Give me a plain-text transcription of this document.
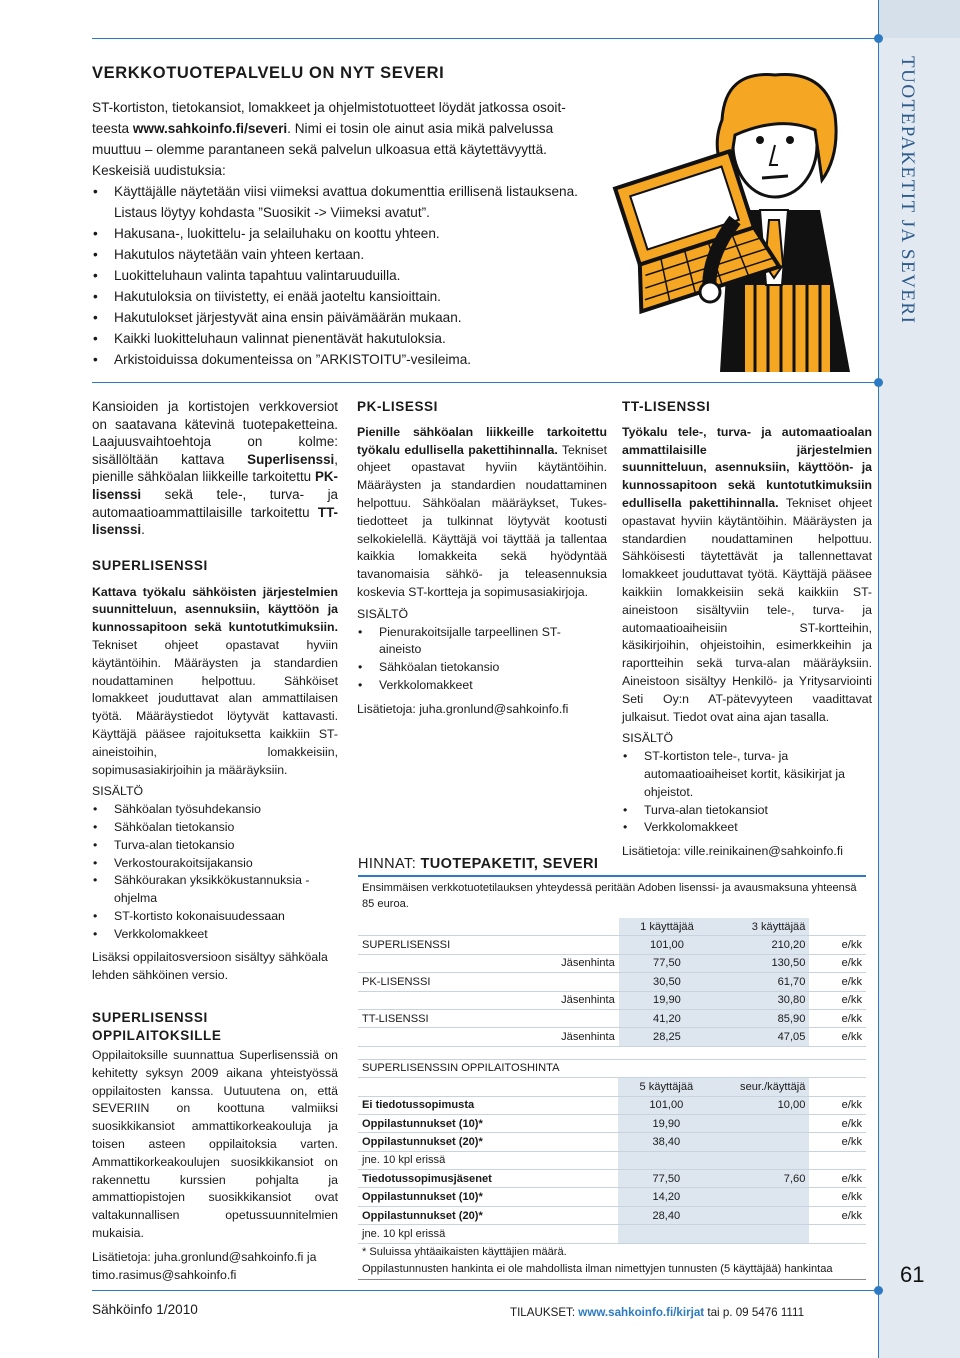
TUOTEPAKETIT JA SEVERI
61
VERKKOTUOTEPALVELU ON NYT SEVERI

ST-kortiston, tietokansiot, lomakkeet ja ohjelmistotuotteet löydät jatkossa osoit-
teesta www.sahkoinfo.fi/severi. Nimi ei tosin ole ainut asia mikä palvelussa
muuttuu – olemme parantaneen sekä palvelun ulkoasua että käytettävyyttä.

Keskeisiä uudistuksia:

• Käyttäjälle näytetään viisi viimeksi avattua dokumenttia erillisenä listauksena. Listaus löytyy kohdasta ”Suosikit -> Viimeksi avatut”.
• Hakusana-, luokittelu- ja selailuhaku on koottu yhteen.
• Hakutulos näytetään vain yhteen kertaan.
• Luokitteluhaun valinta tapahtuu valintaruuduilla.
• Hakutuloksia on tiivistetty, ei enää jaoteltu kansioittain.
• Hakutulokset järjestyvät aina ensin päivämäärän mukaan.
• Kaikki luokitteluhaun valinnat pienentävät hakutuloksia.
• Arkistoiduissa dokumenteissa on ”ARKISTOITU”-vesileima.

Kansioiden ja kortistojen verkkoversiot on saatavana kätevinä tuotepaketteina. Laajuusvaihtoehtoja on kolme: sisällöltään kattava Superlisenssi, pienille sähköalan liikkeille tarkoitettu PK-lisenssi sekä tele-, turva- ja automaatioammattilaisille tarkoitettu TT-lisenssi.

SUPERLISENSSI

Kattava työkalu sähköisten järjestelmien suunnitteluun, asennuksiin, käyttöön ja kunnossapitoon sekä kuntotutkimuksiin. Tekniset ohjeet opastavat hyviin käytäntöihin. Määräysten ja standardien noudattaminen helpottuu. Sähköiset lomakkeet jouduttavat alan ammattilaisen työtä. Määräystiedot löytyvät kattavasti. Käyttäjä pääsee rajoituksetta kaikkiin ST-aineistoihin, lomakkeisiin, sopimusasiakirjoihin ja määräyksiin.

SISÄLTÖ

• Sähköalan työsuhdekansio
• Sähköalan tietokansio
• Turva-alan tietokansio
• Verkostourakoitsijakansio
• Sähköurakan yksikkökustannuksia -ohjelma
• ST-kortisto kokonaisuudessaan
• Verkkolomakkeet

Lisäksi oppilaitosversioon sisältyy sähköala lehden sähköinen versio.

SUPERLISENSSI
OPPILAITOKSILLE

Oppilaitoksille suunnattua Superlisenssiä on kehitetty syksyn 2009 aikana yhteistyössä oppilaitosten kanssa. Uutuutena on, että SEVERIIN on koottuna valmiiksi suosikkikansiot ammattikorkeakouluja ja toisen asteen oppilaitoksia varten. Ammattikorkeakoulujen suosikkikansiot on rakennettu kurssien pohjalta ja ammattiopistojen suosikkikansiot ovat valtakunnallisen opetussuunnitelmien mukaisia.

Lisätietoja: juha.gronlund@sahkoinfo.fi ja
timo.rasimus@sahkoinfo.fi

PK-LISESSI

Pienille sähköalan liikkeille tarkoitettu työkalu edullisella pakettihinnalla. Tekniset ohjeet opastavat hyviin käytäntöihin. Määräysten ja standardien noudattaminen helpottuu. Sähköalan määräykset, Tukes-tiedotteet ja tulkinnat löytyvät kootusti selkokielellä. Käyttäjä voi täyttää ja tallentaa kaikkia lomakkeita sekä hyödyntää tavanomaisia sähkö- ja teleasennuksia koskevia ST-kortteja ja sopimusasiakirjoja.

SISÄLTÖ

• Pienurakoitsijalle tarpeellinen ST-aineisto
• Sähköalan tietokansio
• Verkkolomakkeet

Lisätietoja: juha.gronlund@sahkoinfo.fi

TT-LISENSSI

Työkalu tele-, turva- ja automaatioalan ammattilaisille järjestelmien suunnitteluun, asennuksiin, käyttöön- ja kunnossapitoon sekä kuntotutkimuksiin edullisella pakettihinnalla. Tekniset ohjeet opastavat hyviin käytäntöihin. Määräysten ja standardien noudattaminen helpottuu. Sähköisesti täytettävät ja tallennettavat lomakkeet jouduttavat työtä. Käyttäjä pääsee kaikkiin lomakkeisiin sekä kaikkiin ST-aineistoon sisältyviin tele-, turva- ja automaatioaiheisiin ST-kortteihin, käsikirjoihin, ohjeistoihin, esimerkkeihin ja raportteihin sekä turva-alan määräyksiin. Aineistoon sisältyy Henkilö- ja Yritysarviointi Seti Oy:n AT-pätevyyteen vaadittavat julkaisut. Tiedot ovat aina ajan tasalla.

SISÄLTÖ

• ST-kortiston tele-, turva- ja automaatioaiheiset kortit, käsikirjat ja ohjeistot.
• Turva-alan tietokansiot
• Verkkolomakkeet

Lisätietoja: ville.reinikainen@sahkoinfo.fi

HINNAT: TUOTEPAKETIT, SEVERI
Ensimmäisen verkkotuotetilauksen yhteydessä peritään Adoben lisenssi- ja avausmaksuna yhteensä 85 euroa.
		1 käyttäjää	3 käyttäjää	
SUPERLISENSSI		101,00	210,20	e/kk
	Jäsenhinta	77,50	130,50	e/kk
PK-LISENSSI		30,50	61,70	e/kk
	Jäsenhinta	19,90	30,80	e/kk
TT-LISENSSI		41,20	85,90	e/kk
	Jäsenhinta	28,25	47,05	e/kk
SUPERLISENSSIN OPPILAITOSHINTA				
		5 käyttäjää	seur./käyttäjä	
Ei tiedotussopimusta		101,00	10,00	e/kk
Oppilastunnukset (10)*		19,90		e/kk
Oppilastunnukset (20)*		38,40		e/kk
jne. 10 kpl erissä				
Tiedotussopimusjäsenet		77,50	7,60	e/kk
Oppilastunnukset (10)*		14,20		e/kk
Oppilastunnukset (20)*		28,40		e/kk
jne. 10 kpl erissä				
* Suluissa yhtäaikaisten käyttäjien määrä.
Oppilastunnusten hankinta ei ole mahdollista ilman nimettyjen tunnusten (5 käyttäjää) hankintaa
Sähköinfo 1/2010	TILAUKSET: www.sahkoinfo.fi/kirjat tai p. 09 5476 1111
